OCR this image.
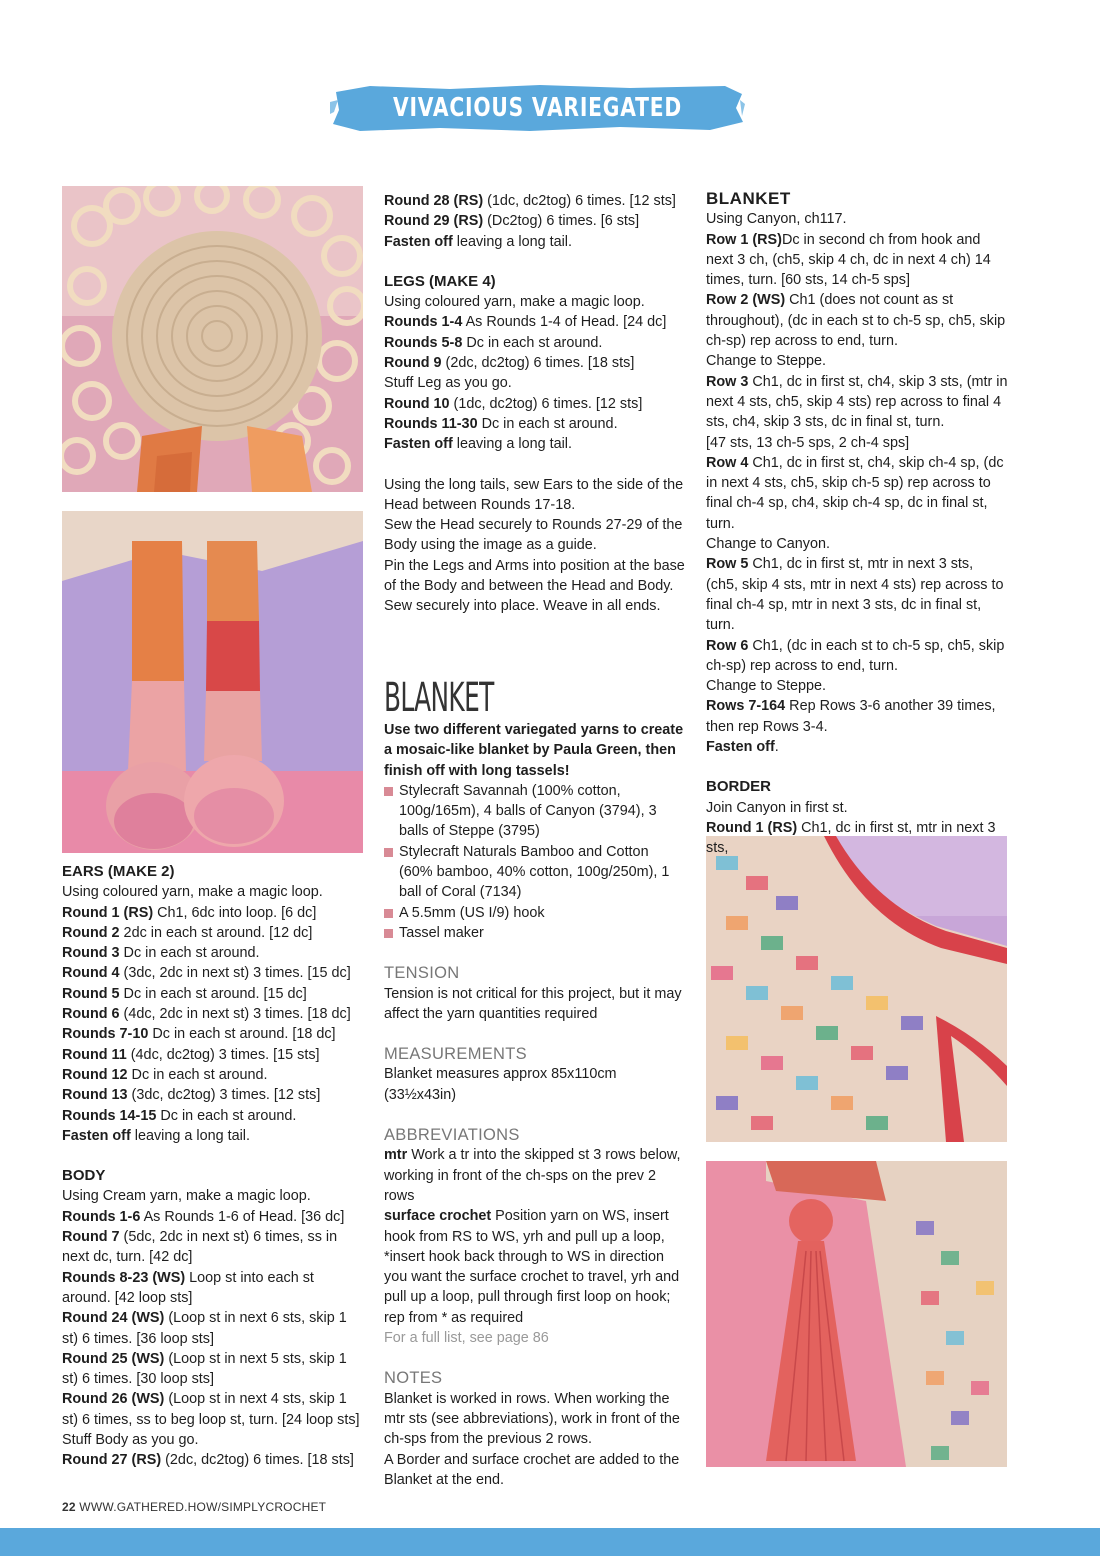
VIVACIOUS VARIEGATED COLLECTION

EARS (MAKE 2)

Using coloured yarn, make a magic loop.

Round 1 (RS) Ch1, 6dc into loop. [6 dc]

Round 2 2dc in each st around. [12 dc]

Round 3 Dc in each st around.

Round 4 (3dc, 2dc in next st) 3 times. [15 dc]

Round 5 Dc in each st around. [15 dc]

Round 6 (4dc, 2dc in next st) 3 times. [18 dc]

Rounds 7-10 Dc in each st around. [18 dc]

Round 11 (4dc, dc2tog) 3 times. [15 sts]

Round 12 Dc in each st around.

Round 13 (3dc, dc2tog) 3 times. [12 sts]

Rounds 14-15 Dc in each st around.

Fasten off leaving a long tail.

BODY

Using Cream yarn, make a magic loop.

Rounds 1-6 As Rounds 1-6 of Head. [36 dc]

Round 7 (5dc, 2dc in next st) 6 times, ss in next dc, turn. [42 dc]

Rounds 8-23 (WS) Loop st into each st around. [42 loop sts]

Round 24 (WS) (Loop st in next 6 sts, skip 1 st) 6 times. [36 loop sts]

Round 25 (WS) (Loop st in next 5 sts, skip 1 st) 6 times. [30 loop sts]

Round 26 (WS) (Loop st in next 4 sts, skip 1 st) 6 times, ss to beg loop st, turn. [24 loop sts]

Stuff Body as you go.

Round 27 (RS) (2dc, dc2tog) 6 times. [18 sts]

Round 28 (RS) (1dc, dc2tog) 6 times. [12 sts]

Round 29 (RS) (Dc2tog) 6 times. [6 sts]

Fasten off leaving a long tail.

LEGS (MAKE 4)

Using coloured yarn, make a magic loop.

Rounds 1-4 As Rounds 1-4 of Head. [24 dc]

Rounds 5-8 Dc in each st around.

Round 9 (2dc, dc2tog) 6 times. [18 sts]

Stuff Leg as you go.

Round 10 (1dc, dc2tog) 6 times. [12 sts]

Rounds 11-30 Dc in each st around.

Fasten off leaving a long tail.

Using the long tails, sew Ears to the side of the Head between Rounds 17-18.

Sew the Head securely to Rounds 27-29 of the Body using the image as a guide.

Pin the Legs and Arms into position at the base of the Body and between the Head and Body.

Sew securely into place. Weave in all ends.

BLANKET

Use two different variegated yarns to create a mosaic-like blanket by Paula Green, then finish off with long tassels!

Stylecraft Savannah (100% cotton, 100g/165m), 4 balls of Canyon (3794), 3 balls of Steppe (3795)
Stylecraft Naturals Bamboo and Cotton (60% bamboo, 40% cotton, 100g/250m), 1 ball of Coral (7134)
A 5.5mm (US I/9) hook
Tassel maker

TENSION

Tension is not critical for this project, but it may affect the yarn quantities required

MEASUREMENTS

Blanket measures approx 85x110cm (33½x43in)

ABBREVIATIONS

mtr Work a tr into the skipped st 3 rows below, working in front of the ch-sps on the prev 2 rows

surface crochet Position yarn on WS, insert hook from RS to WS, yrh and pull up a loop, *insert hook back through to WS in direction you want the surface crochet to travel, yrh and pull up a loop, pull through first loop on hook; rep from * as required

For a full list, see page 86

NOTES

Blanket is worked in rows. When working the mtr sts (see abbreviations), work in front of the ch-sps from the previous 2 rows.

A Border and surface crochet are added to the Blanket at the end.

BLANKET

Using Canyon, ch117.

Row 1 (RS)Dc in second ch from hook and next 3 ch, (ch5, skip 4 ch, dc in next 4 ch) 14 times, turn. [60 sts, 14 ch-5 sps]

Row 2 (WS) Ch1 (does not count as st throughout), (dc in each st to ch-5 sp, ch5, skip ch-sp) rep across to end, turn.

Change to Steppe.

Row 3 Ch1, dc in first st, ch4, skip 3 sts, (mtr in next 4 sts, ch5, skip 4 sts) rep across to final 4 sts, ch4, skip 3 sts, dc in final st, turn.

[47 sts, 13 ch-5 sps, 2 ch-4 sps]

Row 4 Ch1, dc in first st, ch4, skip ch-4 sp, (dc in next 4 sts, ch5, skip ch-5 sp) rep across to final ch-4 sp, ch4, skip ch-4 sp, dc in final st, turn.

Change to Canyon.

Row 5 Ch1, dc in first st, mtr in next 3 sts, (ch5, skip 4 sts, mtr in next 4 sts) rep across to final ch-4 sp, mtr in next 3 sts, dc in final st, turn.

Row 6 Ch1, (dc in each st to ch-5 sp, ch5, skip ch-sp) rep across to end, turn.

Change to Steppe.

Rows 7-164 Rep Rows 3-6 another 39 times, then rep Rows 3-4.

Fasten off.

BORDER

Join Canyon in first st.

Round 1 (RS) Ch1, dc in first st, mtr in next 3 sts,

22 WWW.GATHERED.HOW/SIMPLYCROCHET
